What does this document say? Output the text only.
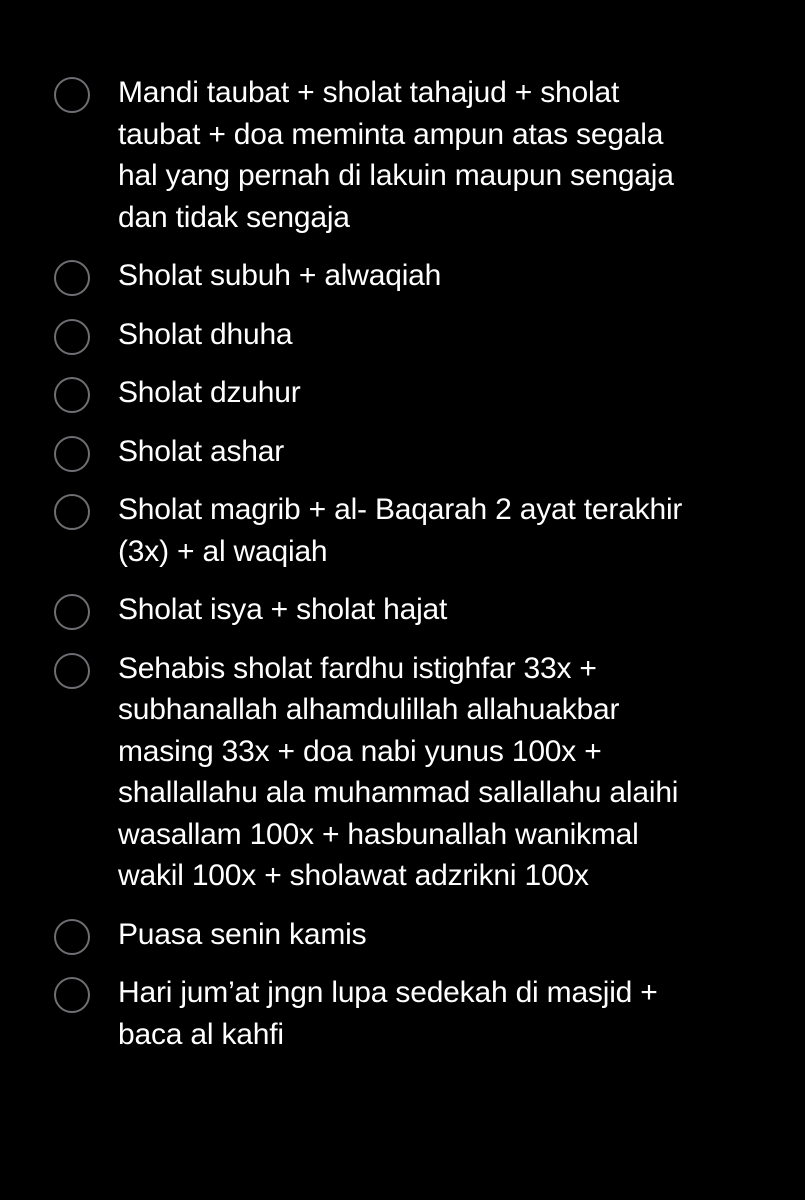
Mandi taubat + sholat tahajud + sholat
taubat + doa meminta ampun atas segala
hal yang pernah di lakuin maupun sengaja
dan tidak sengaja
Sholat subuh + alwaqiah
Sholat dhuha
Sholat dzuhur
Sholat ashar
Sholat magrib + al- Baqarah 2 ayat terakhir
(3x) + al waqiah
Sholat isya + sholat hajat
Sehabis sholat fardhu istighfar 33x +
subhanallah alhamdulillah allahuakbar
masing 33x + doa nabi yunus 100x +
shallallahu ala muhammad sallallahu alaihi
wasallam 100x + hasbunallah wanikmal
wakil 100x + sholawat adzrikni 100x
Puasa senin kamis
Hari jum’at jngn lupa sedekah di masjid +
baca al kahfi
